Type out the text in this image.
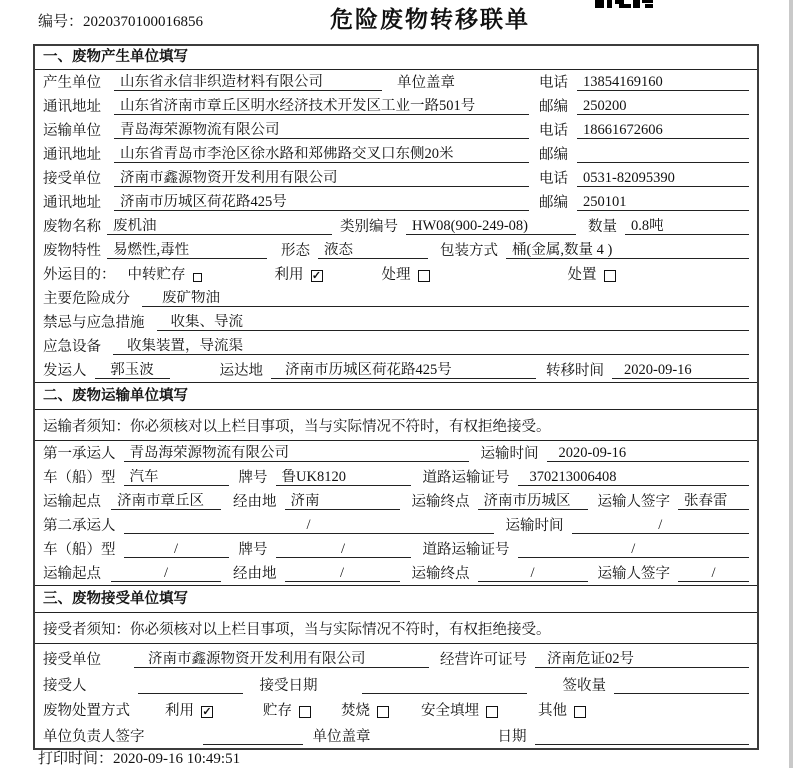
编号：2020370100016856	危险废物转移联单
一、废物产生单位填写
产生单位	山东省永信非织造材料有限公司	单位盖章	电话	13854169160
通讯地址	山东省济南市章丘区明水经济技术开发区工业一路501号	邮编	250200
运输单位	青岛海荣源物流有限公司	电话	18661672606
通讯地址	山东省青岛市李沧区徐水路和郑佛路交叉口东侧20米	邮编
接受单位	济南市鑫源物资开发利用有限公司	电话	0531-82095390
通讯地址	济南市历城区荷花路425号	邮编	250101
废物名称 废机油	类别编号 HW08(900-249-08)	数量 0.8吨
废物特性 易燃性,毒性	形态 液态	包装方式 桶(金属,数量 4 )
外运目的： 中转贮存	利用 ✓	处理	处置
主要危险成分	废矿物油
禁忌与应急措施	收集、导流
应急设备	收集装置，导流渠
发运人	郭玉波	运达地	济南市历城区荷花路425号	转移时间	2020-09-16
二、废物运输单位填写
运输者须知：你必须核对以上栏目事项，当与实际情况不符时，有权拒绝接受。
第一承运人 青岛海荣源物流有限公司	运输时间	2020-09-16
车（船）型 汽车	牌号 鲁UK8120	道路运输证号	370213006408
运输起点	济南市章丘区	经由地 济南	运输终点 济南市历城区	运输人签字 张春雷
第二承运人	/	运输时间	/
车（船）型	/	牌号	/	道路运输证号	/
运输起点	/	经由地	/	运输终点	/	运输人签字	/
三、废物接受单位填写
接受者须知：你必须核对以上栏目事项，当与实际情况不符时，有权拒绝接受。
接受单位	济南市鑫源物资开发利用有限公司	经营许可证号	济南危证02号
接受人	接受日期	签收量
废物处置方式 利用 ✓	贮存	焚烧	安全填埋	其他
单位负责人签字	单位盖章	日期
打印时间：2020-09-16 10:49:51
